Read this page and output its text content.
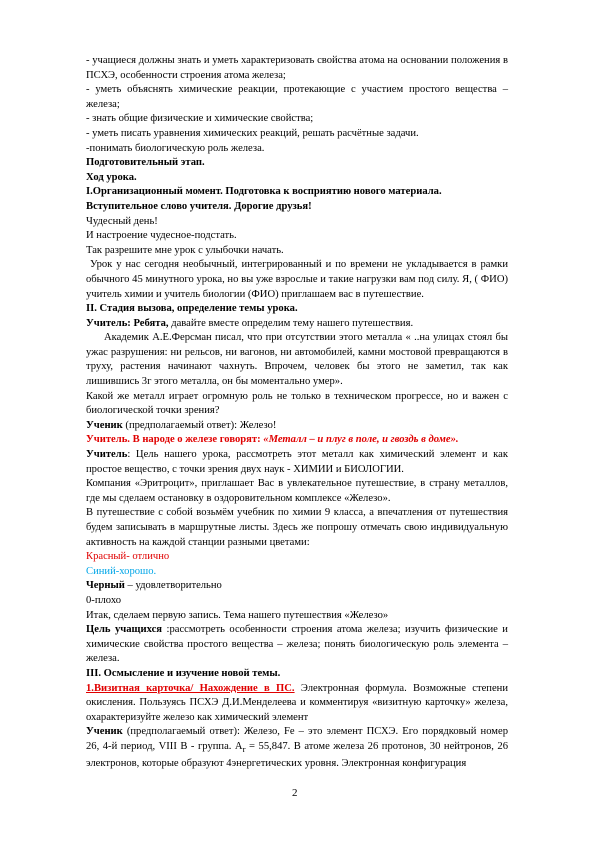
- учащиеся должны знать и уметь характеризовать свойства атома на основании положения в ПСХЭ, особенности строения атома железа;

- уметь объяснять химические реакции, протекающие с участием простого вещества – железа;

- знать общие физические и химические свойства;

- уметь писать уравнения химических реакций, решать расчётные задачи.

-понимать биологическую роль железа.

Подготовительный этап.

Ход урока.

I.Организационный момент. Подготовка к восприятию нового материала.

Вступительное слово учителя. Дорогие друзья!

Чудесный день!

И настроение чудесное-подстать.

Так разрешите мне урок с улыбочки начать.

Урок у нас сегодня необычный, интегрированный и по времени не укладывается в рамки обычного 45 минутного урока, но вы уже взрослые и такие нагрузки вам под силу. Я, ( ФИО) учитель химии и учитель биологии (ФИО) приглашаем вас в путешествие.

II. Стадия вызова, определение темы урока.

Учитель: Ребята, давайте вместе определим тему нашего путешествия.

Академик А.Е.Ферсман писал, что при отсутствии этого металла « ..на улицах стоял бы ужас разрушения: ни рельсов, ни вагонов, ни автомобилей, камни мостовой превращаются в труху, растения начинают чахнуть. Впрочем, человек бы этого не заметил, так как лишившись 3г этого металла, он бы моментально умер».

Какой же металл играет огромную роль не только в техническом прогрессе, но и важен с биологической точки зрения?

Ученик (предполагаемый ответ): Железо!

Учитель. В народе о железе говорят: «Металл – и плуг в поле, и гвоздь в доме».

Учитель: Цель нашего урока, рассмотреть этот металл как химический элемент и как простое вещество, с точки зрения двух наук - ХИМИИ и БИОЛОГИИ.

Компания «Эритроцит», приглашает Вас в увлекательное путешествие, в страну металлов, где мы сделаем остановку в оздоровительном комплексе «Железо».

В путешествие с собой возьмём учебник по химии 9 класса, а впечатления от путешествия будем записывать в маршрутные листы. Здесь же попрошу отмечать свою индивидуальную активность на каждой станции разными цветами:

Красный- отлично

Синий-хорошо.

Черный – удовлетворительно

0-плохо

Итак, сделаем первую запись. Тема нашего путешествия «Железо»

Цель учащихся :рассмотреть особенности строения атома железа; изучить физические и химические свойства простого вещества – железа; понять биологическую роль элемента – железа.

III. Осмысление и изучение новой темы.

1.Визитная карточка/ Нахождение в ПС. Электронная формула. Возможные степени окисления. Пользуясь ПСХЭ Д.И.Менделеева и комментируя «визитную карточку» железа, охарактеризуйте железо как химический элемент

Ученик (предполагаемый ответ): Железо, Fe – это элемент ПСХЭ. Его порядковый номер 26, 4-й период, VIII В - группа. $A_r = 55,847$. В атоме железа 26 протонов, 30 нейтронов, 26 электронов, которые образуют 4энергетических уровня. Электронная конфигурация

2
